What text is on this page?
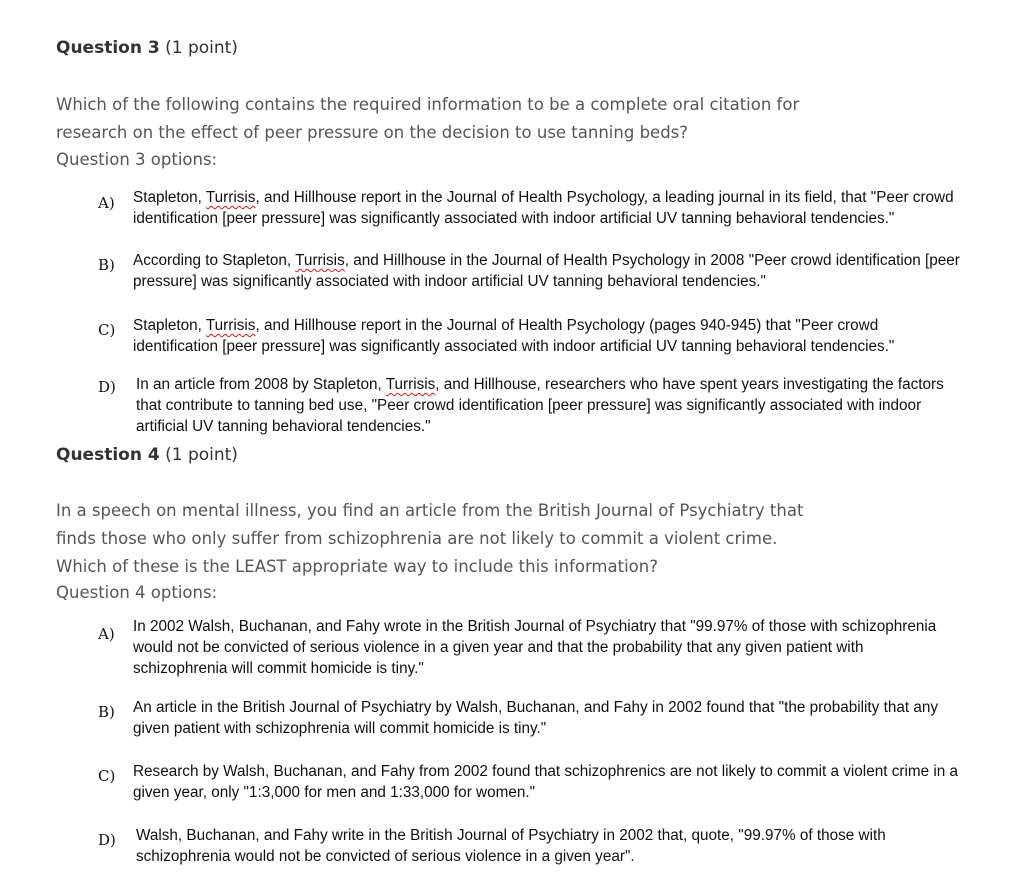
Question 3 (1 point)
Which of the following contains the required information to be a complete oral citation for
research on the effect of peer pressure on the decision to use tanning beds?
Question 3 options:
A) Stapleton, Turrisis, and Hillhouse report in the Journal of Health Psychology, a leading journal in its field, that "Peer crowd
identification [peer pressure] was significantly associated with indoor artificial UV tanning behavioral tendencies."
B) According to Stapleton, Turrisis, and Hillhouse in the Journal of Health Psychology in 2008 "Peer crowd identification [peer
pressure] was significantly associated with indoor artificial UV tanning behavioral tendencies."
C) Stapleton, Turrisis, and Hillhouse report in the Journal of Health Psychology (pages 940-945) that "Peer crowd
identification [peer pressure] was significantly associated with indoor artificial UV tanning behavioral tendencies."
D) In an article from 2008 by Stapleton, Turrisis, and Hillhouse, researchers who have spent years investigating the factors
that contribute to tanning bed use, "Peer crowd identification [peer pressure] was significantly associated with indoor
artificial UV tanning behavioral tendencies."
Question 4 (1 point)
In a speech on mental illness, you find an article from the British Journal of Psychiatry that
finds those who only suffer from schizophrenia are not likely to commit a violent crime.
Which of these is the LEAST appropriate way to include this information?
Question 4 options:
A) In 2002 Walsh, Buchanan, and Fahy wrote in the British Journal of Psychiatry that "99.97% of those with schizophrenia
would not be convicted of serious violence in a given year and that the probability that any given patient with
schizophrenia will commit homicide is tiny."
B) An article in the British Journal of Psychiatry by Walsh, Buchanan, and Fahy in 2002 found that "the probability that any
given patient with schizophrenia will commit homicide is tiny."
C) Research by Walsh, Buchanan, and Fahy from 2002 found that schizophrenics are not likely to commit a violent crime in a
given year, only "1:3,000 for men and 1:33,000 for women."
D) Walsh, Buchanan, and Fahy write in the British Journal of Psychiatry in 2002 that, quote, "99.97% of those with
schizophrenia would not be convicted of serious violence in a given year".
